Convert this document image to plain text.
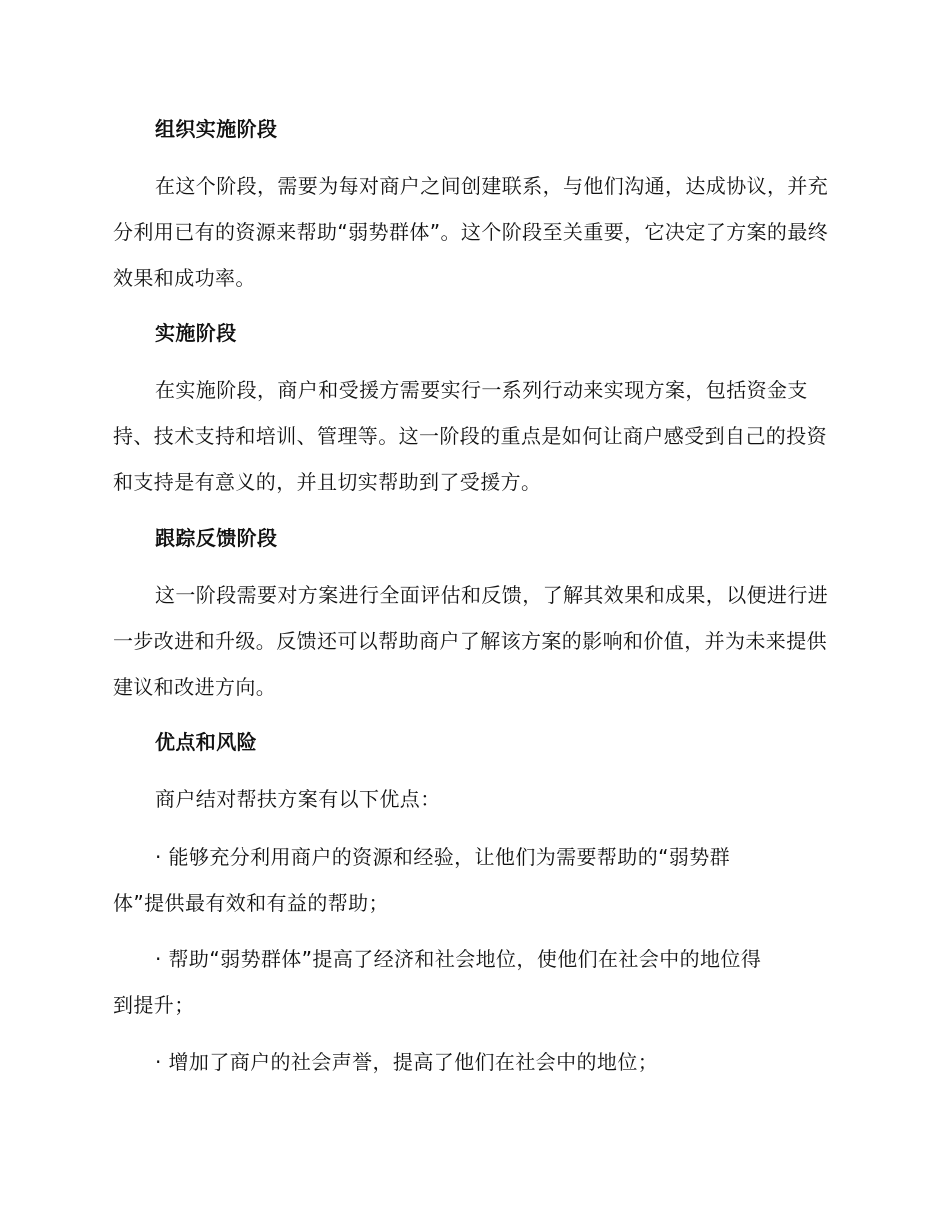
组织实施阶段

在这个阶段，需要为每对商户之间创建联系，与他们沟通，达成协议，并充分利用已有的资源来帮助“弱势群体”。这个阶段至关重要，它决定了方案的最终效果和成功率。

实施阶段

在实施阶段，商户和受援方需要实行一系列行动来实现方案，包括资金支持、技术支持和培训、管理等。这一阶段的重点是如何让商户感受到自己的投资和支持是有意义的，并且切实帮助到了受援方。

跟踪反馈阶段

这一阶段需要对方案进行全面评估和反馈，了解其效果和成果，以便进行进一步改进和升级。反馈还可以帮助商户了解该方案的影响和价值，并为未来提供建议和改进方向。

优点和风险

商户结对帮扶方案有以下优点：

· 能够充分利用商户的资源和经验，让他们为需要帮助的“弱势群
体”提供最有效和有益的帮助；
· 帮助“弱势群体”提高了经济和社会地位，使他们在社会中的地位得
到提升；
· 增加了商户的社会声誉，提高了他们在社会中的地位；
